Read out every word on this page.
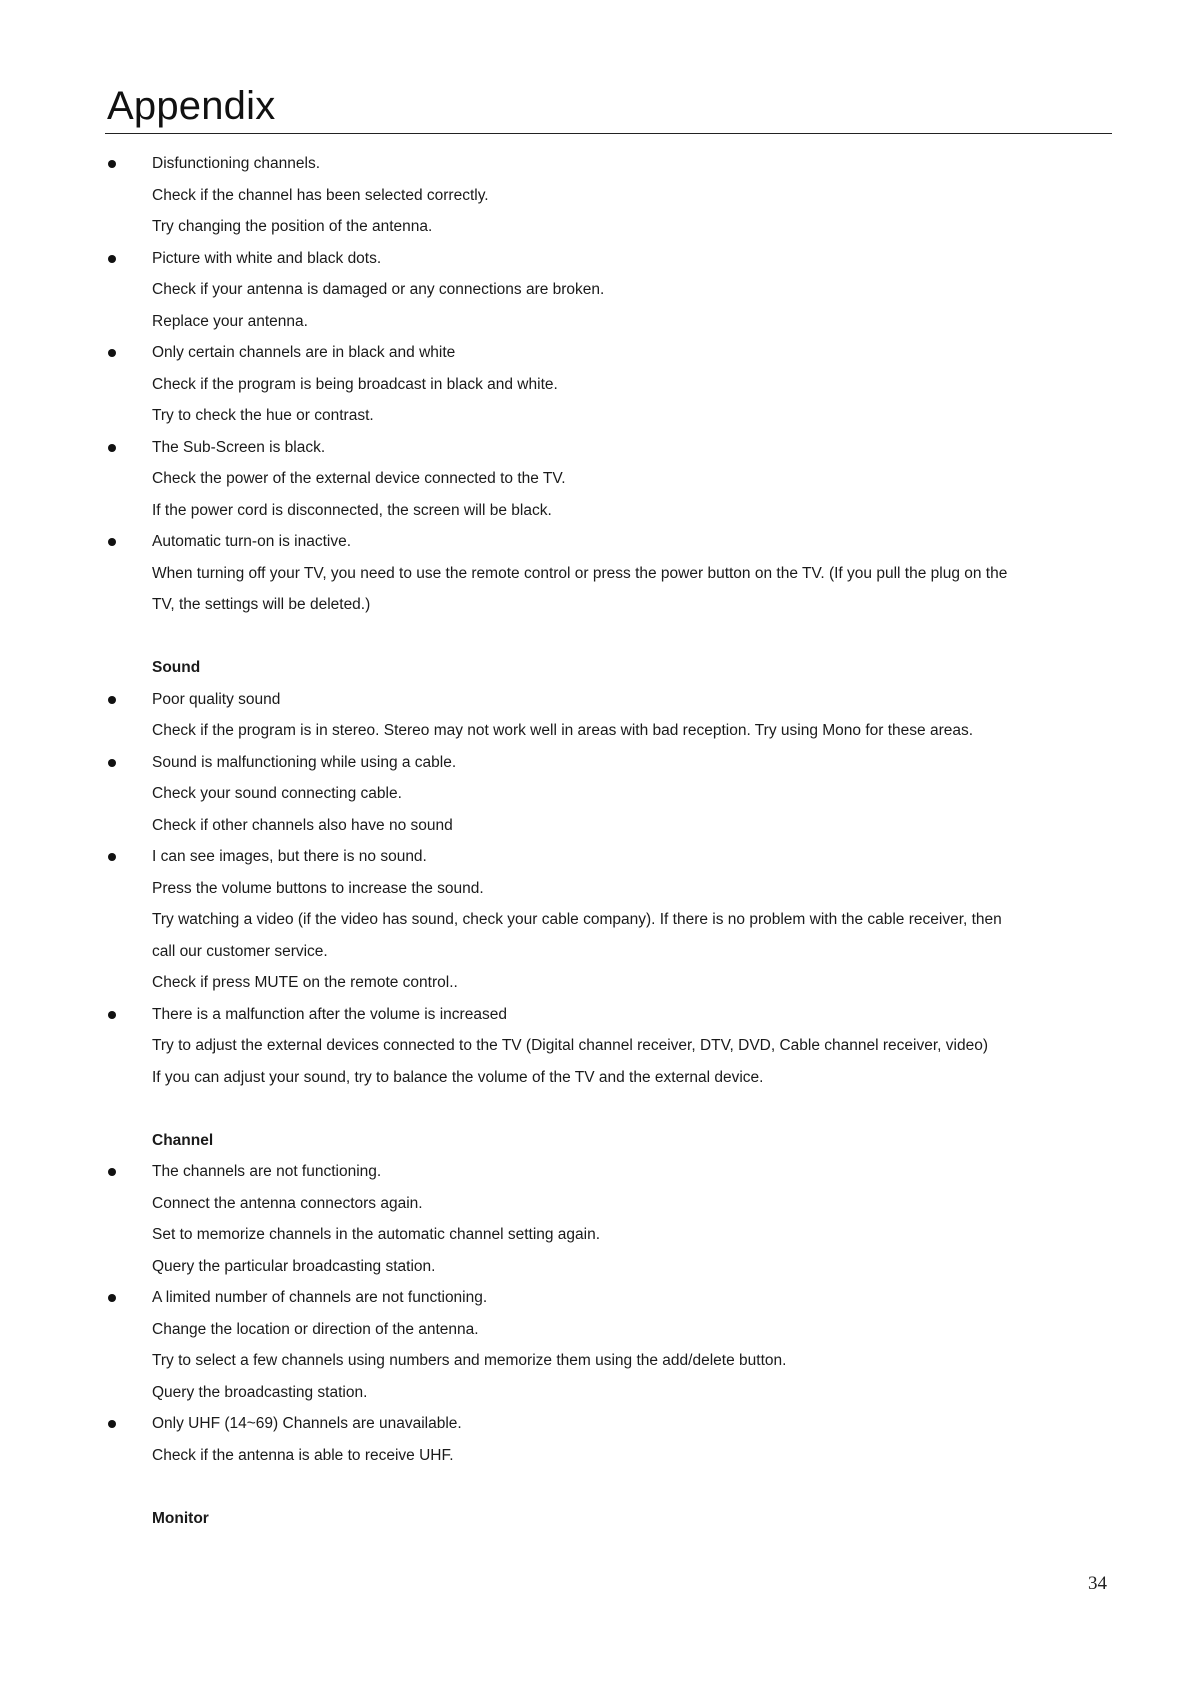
Appendix
Disfunctioning channels.
Check if the channel has been selected correctly.
Try changing the position of the antenna.
Picture with white and black dots.
Check if your antenna is damaged or any connections are broken.
Replace your antenna.
Only certain channels are in black and white
Check if the program is being broadcast in black and white.
Try to check the hue or contrast.
The Sub-Screen is black.
Check the power of the external device connected to the TV.
If the power cord is disconnected, the screen will be black.
Automatic turn-on is inactive.
When turning off your TV, you need to use the remote control or press the power button on the TV. (If you pull the plug on the
TV, the settings will be deleted.)
Sound
Poor quality sound
Check if the program is in stereo. Stereo may not work well in areas with bad reception. Try using Mono for these areas.
Sound is malfunctioning while using a cable.
Check your sound connecting cable.
Check if other channels also have no sound
I can see images, but there is no sound.
Press the volume buttons to increase the sound.
Try watching a video (if the video has sound, check your cable company). If there is no problem with the cable receiver, then
call our customer service.
Check if press MUTE on the remote control..
There is a malfunction after the volume is increased
Try to adjust the external devices connected to the TV (Digital channel receiver, DTV, DVD, Cable channel receiver, video)
If you can adjust your sound, try to balance the volume of the TV and the external device.
Channel
The channels are not functioning.
Connect the antenna connectors again.
Set to memorize channels in the automatic channel setting again.
Query the particular broadcasting station.
A limited number of channels are not functioning.
Change the location or direction of the antenna.
Try to select a few channels using numbers and memorize them using the add/delete button.
Query the broadcasting station.
Only UHF (14~69) Channels are unavailable.
Check if the antenna is able to receive UHF.
Monitor
34
